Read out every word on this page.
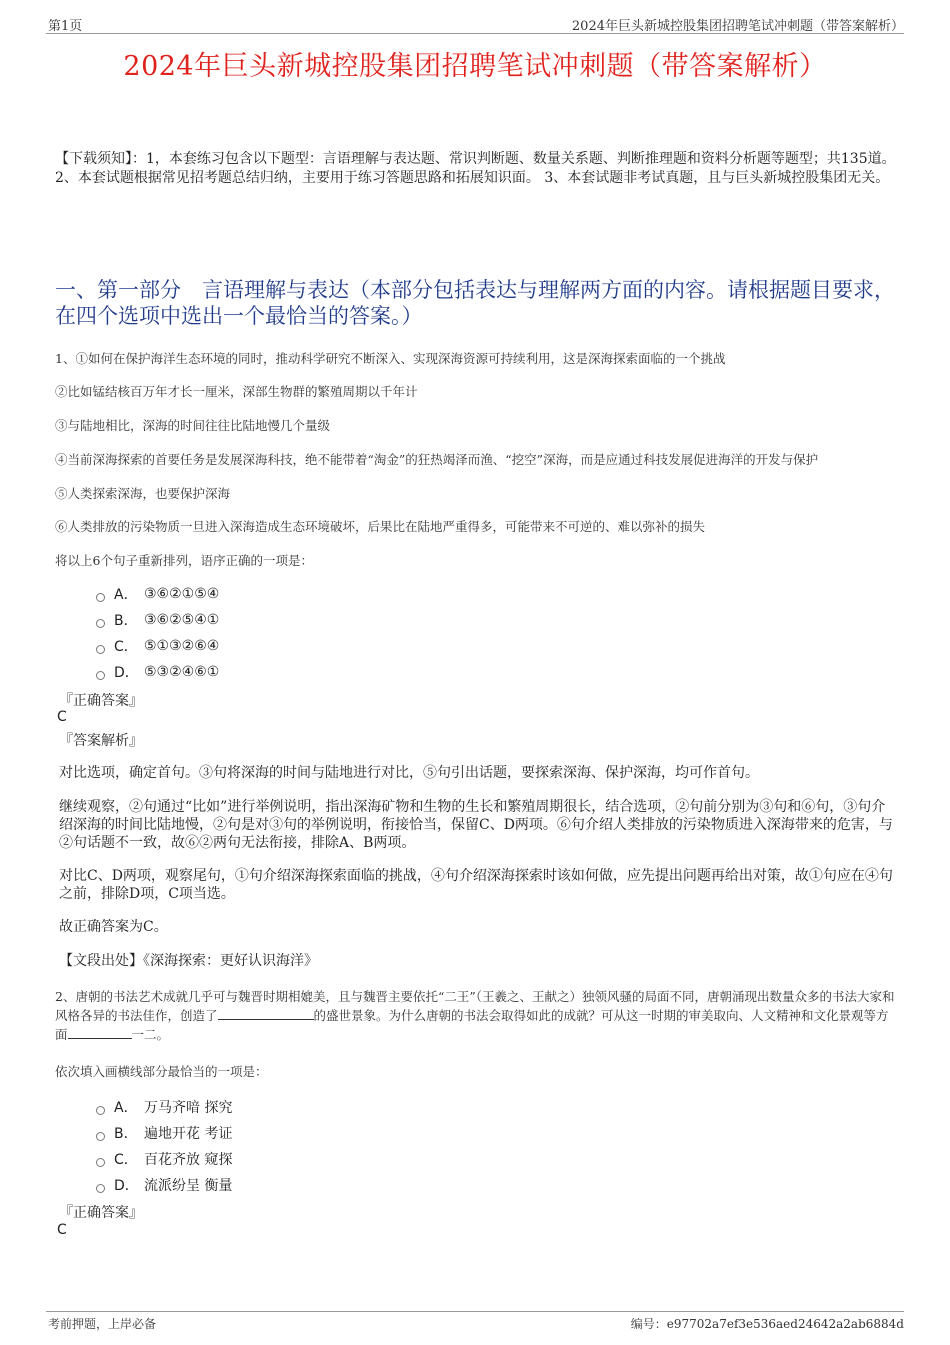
第1页	2024年巨头新城控股集团招聘笔试冲刺题（带答案解析）
2024年巨头新城控股集团招聘笔试冲刺题（带答案解析）
【下载须知】：1，本套练习包含以下题型：言语理解与表达题、常识判断题、数量关系题、判断推理题和资料分析题等题型；共135道。 2、本套试题根据常见招考题总结归纳，主要用于练习答题思路和拓展知识面。 3、本套试题非考试真题，且与巨头新城控股集团无关。
一、第一部分　言语理解与表达（本部分包括表达与理解两方面的内容。请根据题目要求，在四个选项中选出一个最恰当的答案。）
1、①如何在保护海洋生态环境的同时，推动科学研究不断深入、实现深海资源可持续利用，这是深海探索面临的一个挑战
②比如锰结核百万年才长一厘米，深部生物群的繁殖周期以千年计
③与陆地相比，深海的时间往往比陆地慢几个量级
④当前深海探索的首要任务是发展深海科技，绝不能带着“淘金”的狂热竭泽而渔、“挖空”深海，而是应通过科技发展促进海洋的开发与保护
⑤人类探索深海，也要保护深海
⑥人类排放的污染物质一旦进入深海造成生态环境破坏，后果比在陆地严重得多，可能带来不可逆的、难以弥补的损失
将以上6个句子重新排列，语序正确的一项是：
A． ③⑥②①⑤④
B． ③⑥②⑤④①
C． ⑤①③②⑥④
D． ⑤③②④⑥①
『正确答案』
C
『答案解析』
对比选项，确定首句。③句将深海的时间与陆地进行对比，⑤句引出话题，要探索深海、保护深海，均可作首句。
继续观察，②句通过“比如”进行举例说明，指出深海矿物和生物的生长和繁殖周期很长，结合选项，②句前分别为③句和⑥句，③句介绍深海的时间比陆地慢，②句是对③句的举例说明，衔接恰当，保留C、D两项。⑥句介绍人类排放的污染物质进入深海带来的危害，与②句话题不一致，故⑥②两句无法衔接，排除A、B两项。
对比C、D两项，观察尾句，①句介绍深海探索面临的挑战，④句介绍深海探索时该如何做，应先提出问题再给出对策，故①句应在④句之前，排除D项，C项当选。
故正确答案为C。
【文段出处】《深海探索：更好认识海洋》
2、唐朝的书法艺术成就几乎可与魏晋时期相媲美，且与魏晋主要依托“二王”（王羲之、王献之）独领风骚的局面不同，唐朝涌现出数量众多的书法大家和风格各异的书法佳作，创造了	的盛世景象。为什么唐朝的书法会取得如此的成就？可从这一时期的审美取向、人文精神和文化景观等方面	一二。
依次填入画横线部分最恰当的一项是：
A． 万马齐喑 探究
B． 遍地开花 考证
C． 百花齐放 窥探
D． 流派纷呈 衡量
『正确答案』
C
考前押题，上岸必备	编号：e97702a7ef3e536aed24642a2ab6884d
